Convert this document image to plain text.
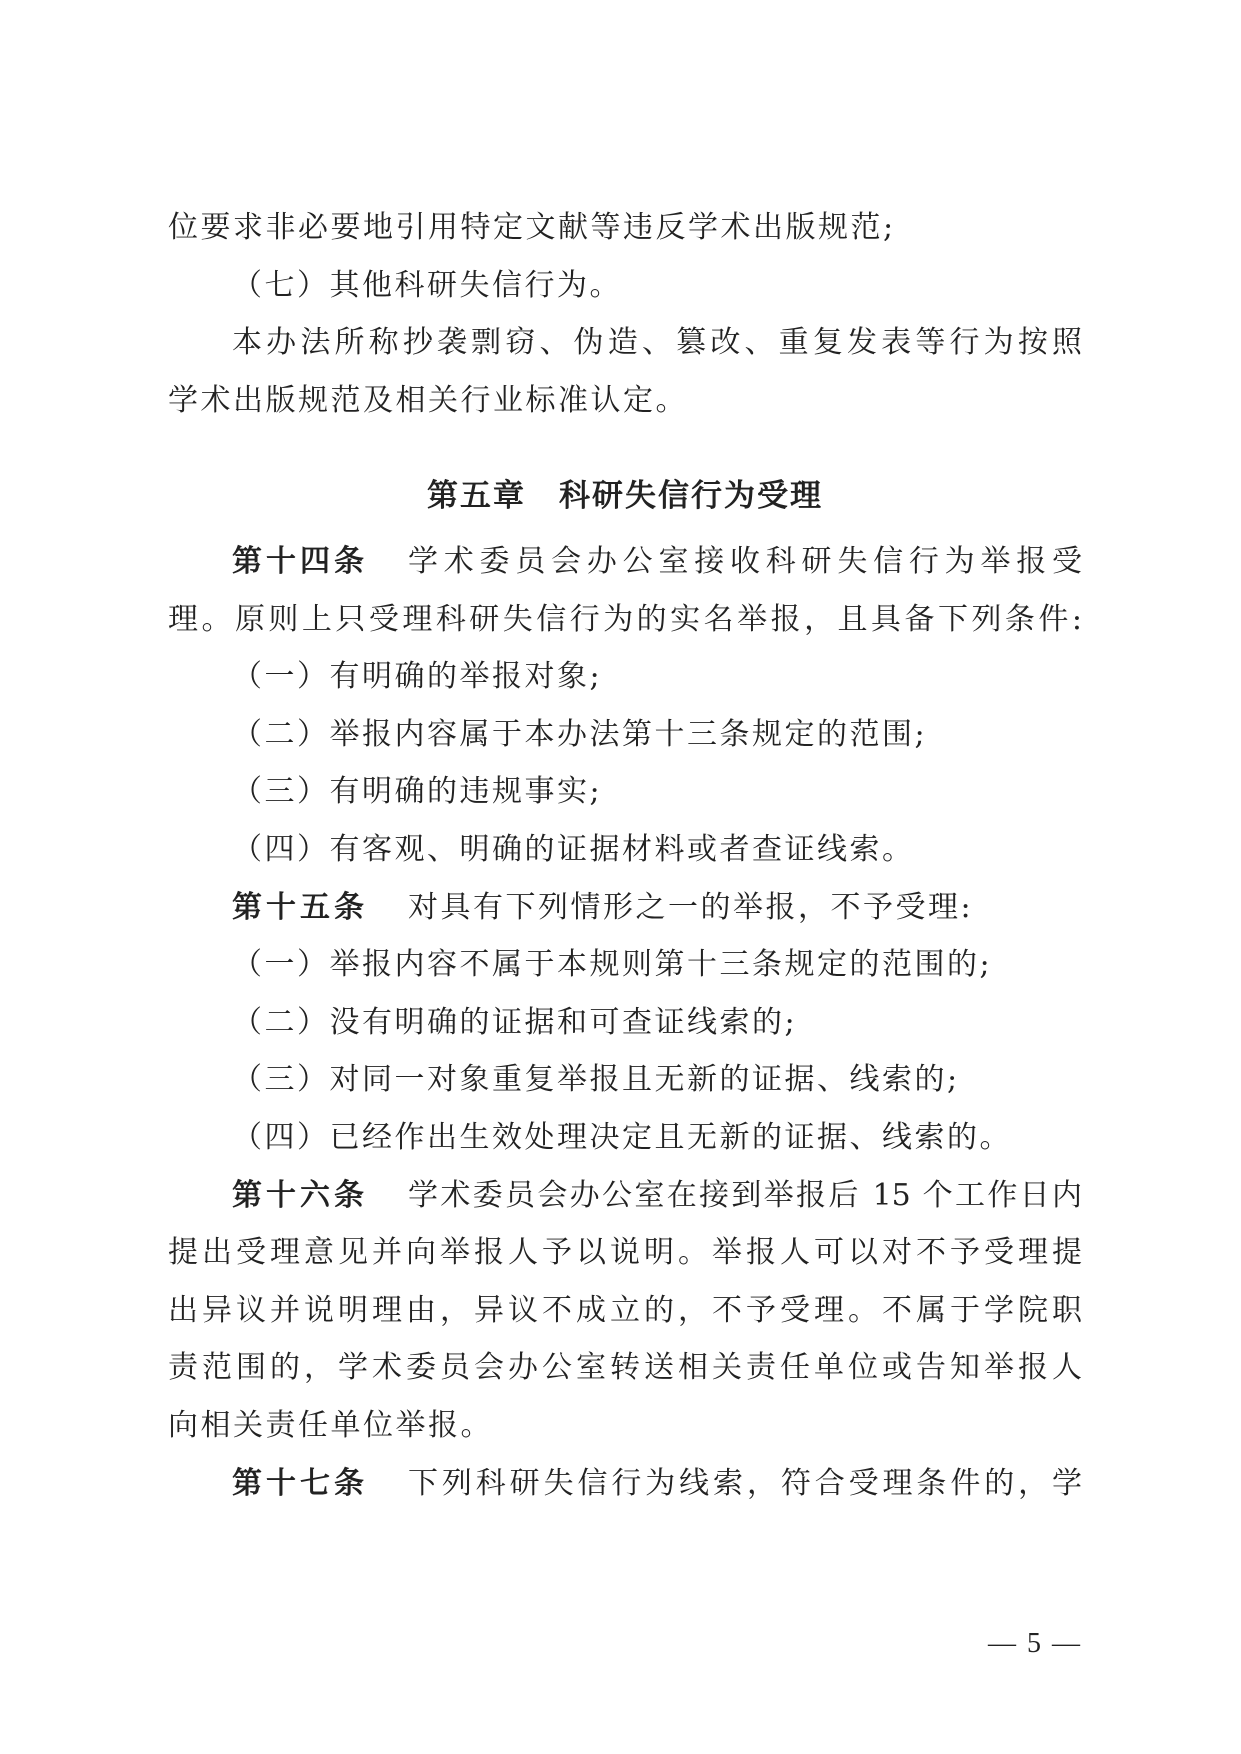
位要求非必要地引用特定文献等违反学术出版规范;
（七）其他科研失信行为。
本办法所称抄袭剽窃、伪造、篡改、重复发表等行为按照
学术出版规范及相关行业标准认定。
第五章　科研失信行为受理
第十四条	学术委员会办公室接收科研失信行为举报受
理。原则上只受理科研失信行为的实名举报，且具备下列条件:
（一）有明确的举报对象;
（二）举报内容属于本办法第十三条规定的范围;
（三）有明确的违规事实;
（四）有客观、明确的证据材料或者查证线索。
第十五条 对具有下列情形之一的举报，不予受理:
（一）举报内容不属于本规则第十三条规定的范围的;
（二）没有明确的证据和可查证线索的;
（三）对同一对象重复举报且无新的证据、线索的;
（四）已经作出生效处理决定且无新的证据、线索的。
第十六条	学术委员会办公室在接到举报后 15 个工作日内
提出受理意见并向举报人予以说明。举报人可以对不予受理提
出异议并说明理由，异议不成立的，不予受理。不属于学院职
责范围的，学术委员会办公室转送相关责任单位或告知举报人
向相关责任单位举报。
第十七条	下列科研失信行为线索，符合受理条件的，学
— 5 —
